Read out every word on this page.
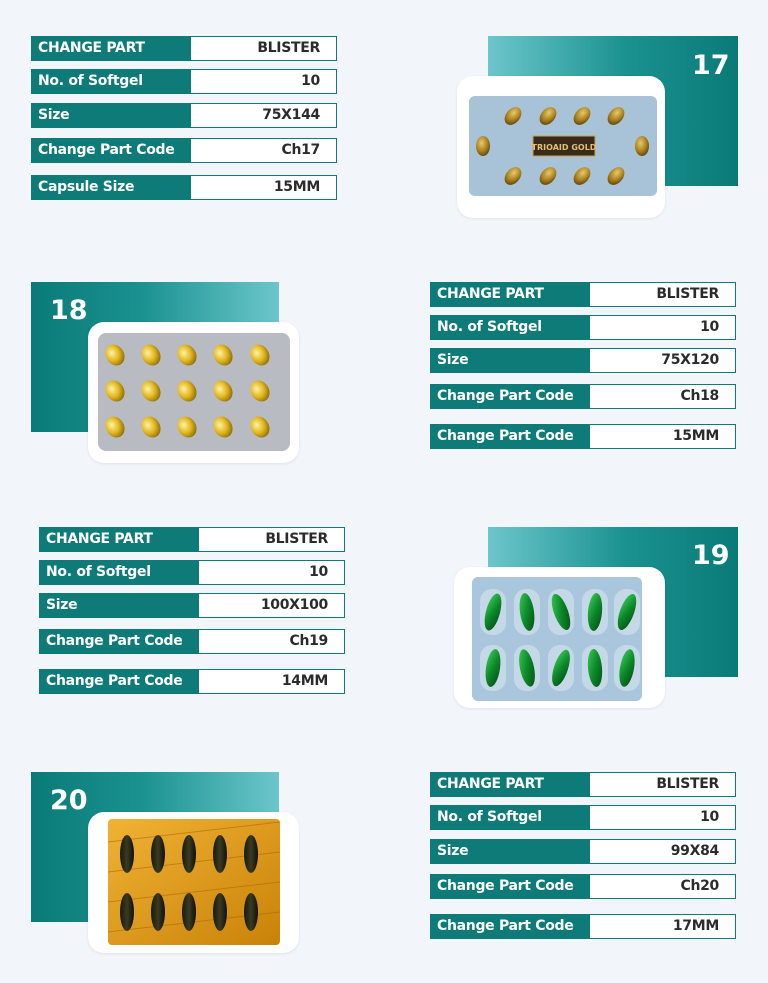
CHANGE PART	BLISTER
No. of Softgel	10
Size	75X144
Change Part Code	Ch17
Capsule Size	15MM
17
TRIOAID GOLD
18
CHANGE PART	BLISTER
No. of Softgel	10
Size	75X120
Change Part Code	Ch18
Change Part Code	15MM
CHANGE PART	BLISTER
No. of Softgel	10
Size	100X100
Change Part Code	Ch19
Change Part Code	14MM
19
20
CHANGE PART	BLISTER
No. of Softgel	10
Size	99X84
Change Part Code	Ch20
Change Part Code	17MM
